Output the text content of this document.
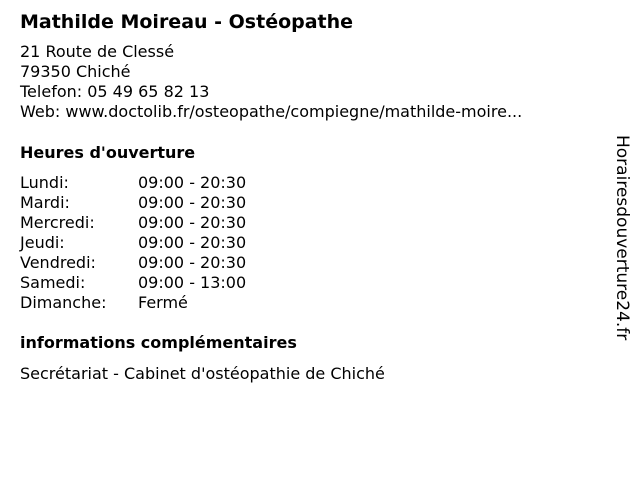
Mathilde Moireau - Ostéopathe
21 Route de Clessé
79350 Chiché
Telefon: 05 49 65 82 13
Web: www.doctolib.fr/osteopathe/compiegne/mathilde-moire...
Heures d'ouverture
Lundi:	09:00 - 20:30
Mardi:	09:00 - 20:30
Mercredi:	09:00 - 20:30
Jeudi:	09:00 - 20:30
Vendredi:	09:00 - 20:30
Samedi:	09:00 - 13:00
Dimanche:	Fermé
informations complémentaires
Secrétariat - Cabinet d'ostéopathie de Chiché
Horairesdouverture24.fr
